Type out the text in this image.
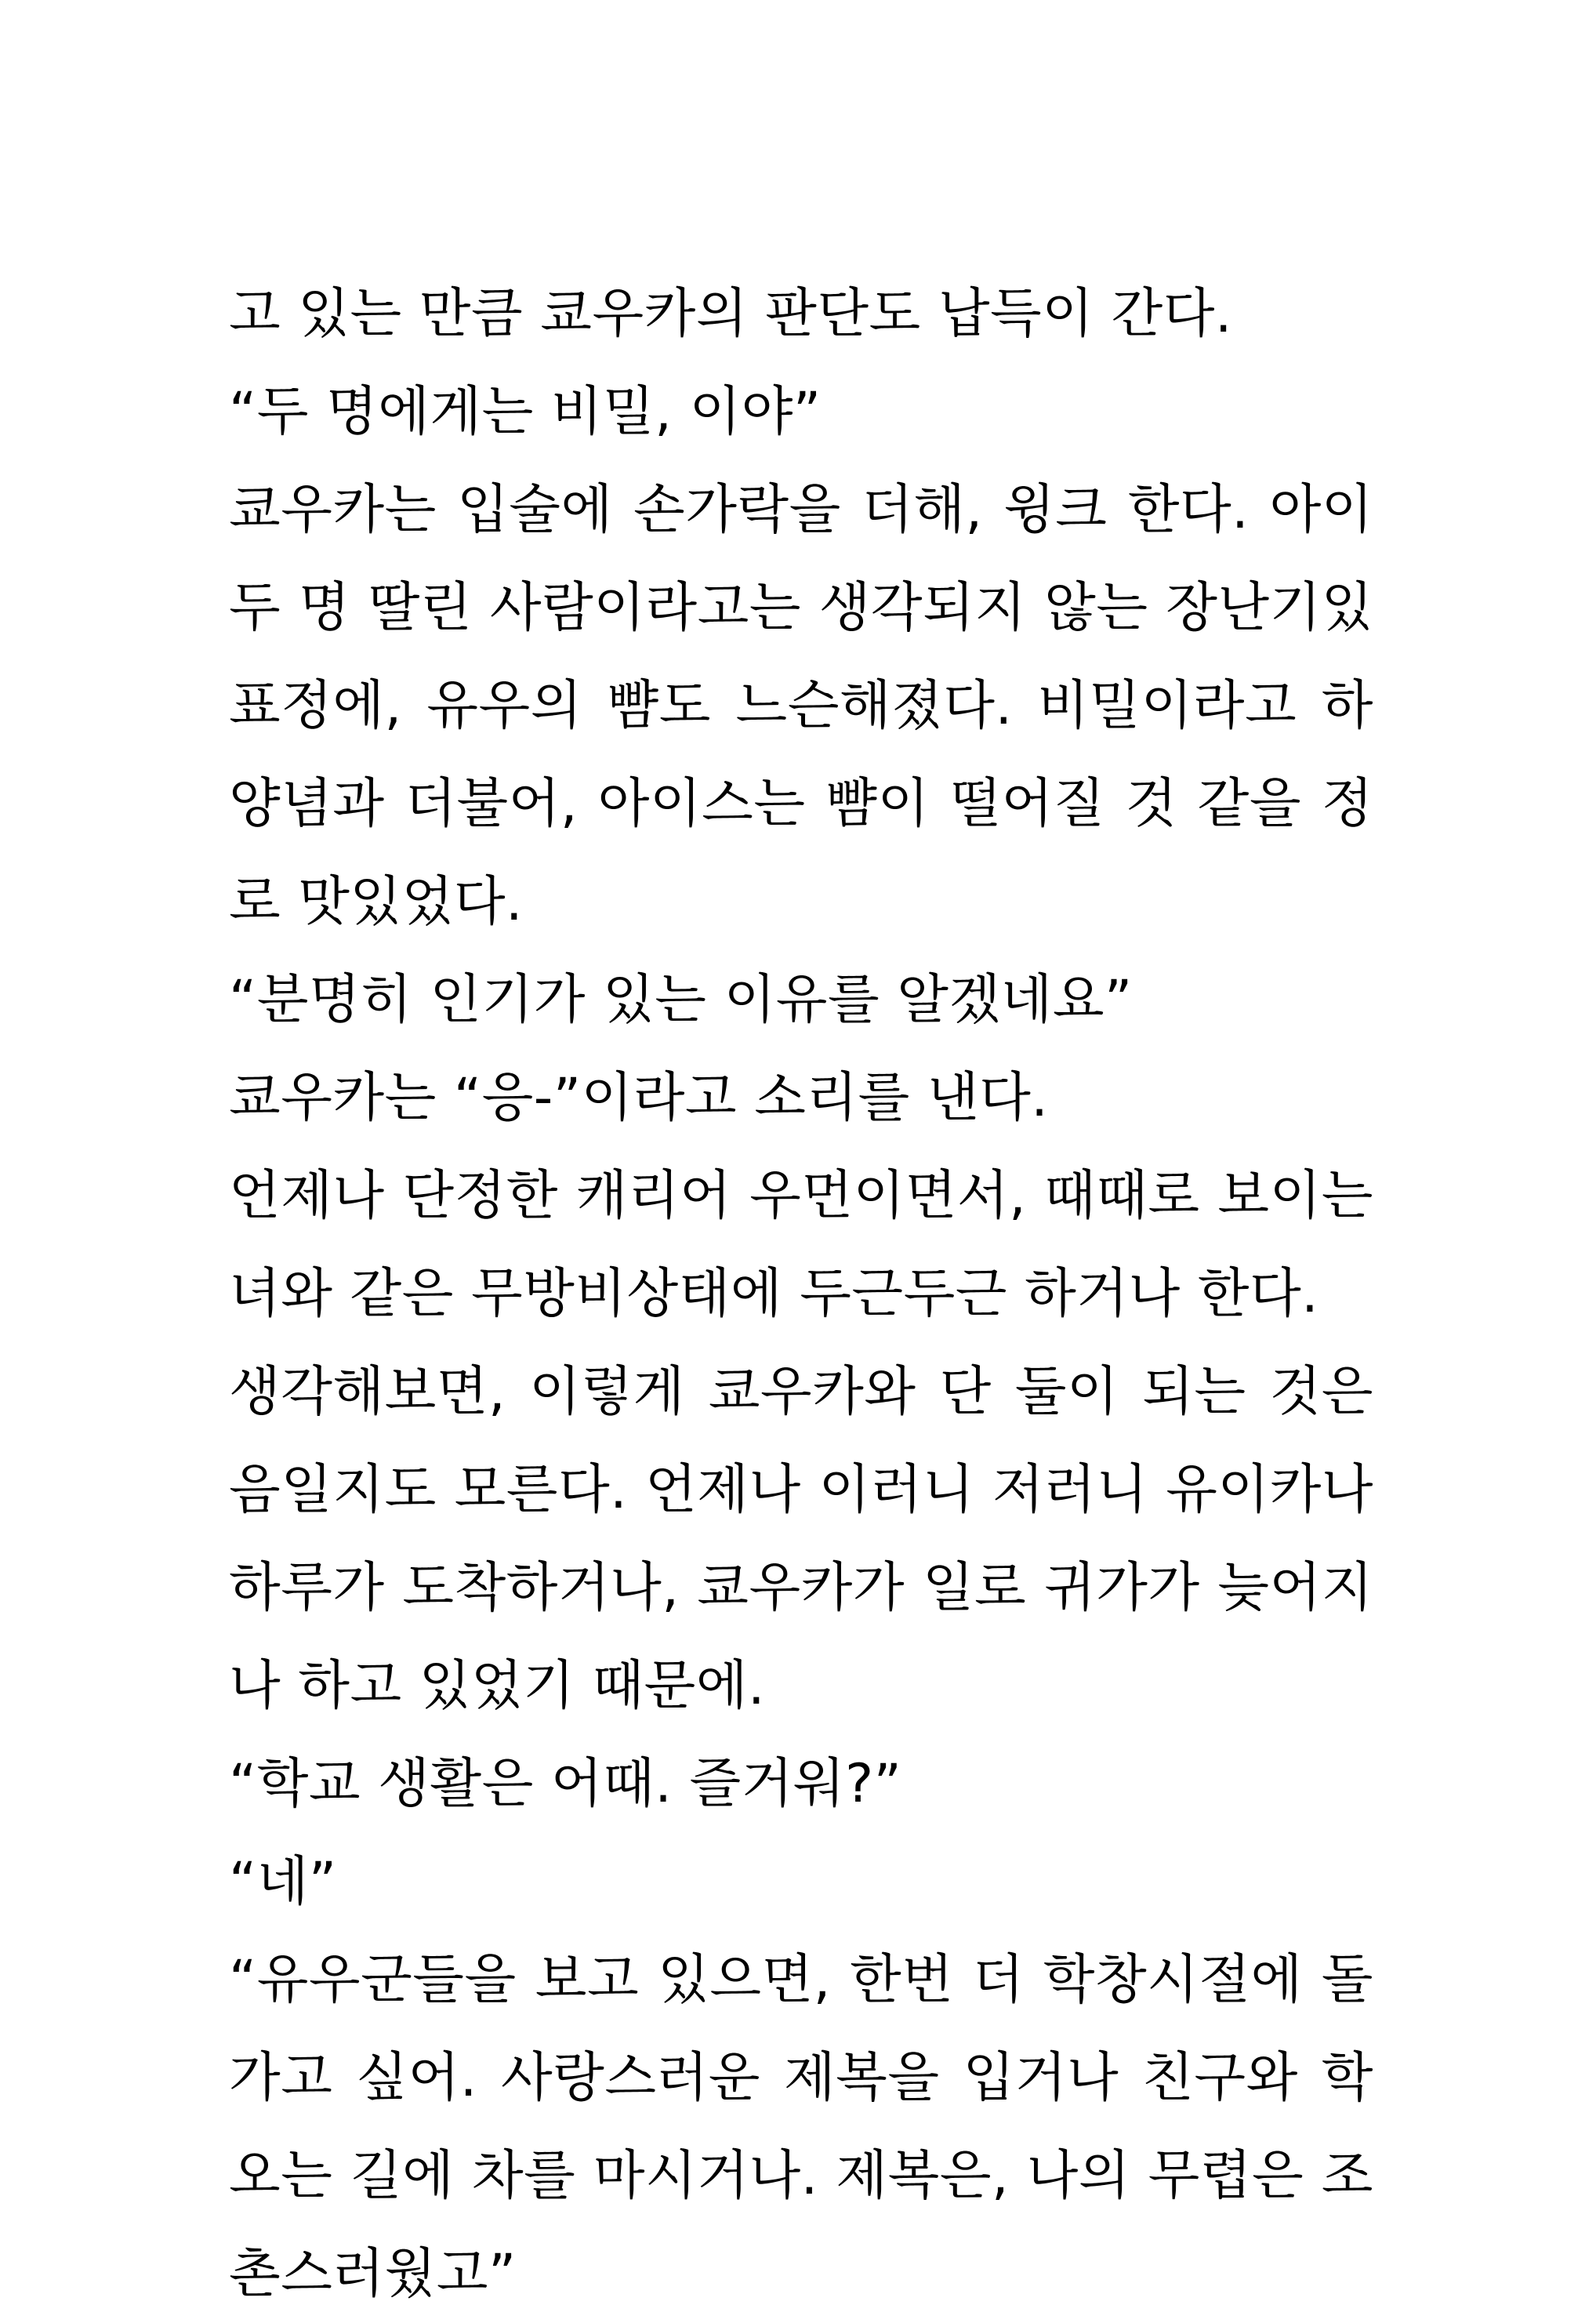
고 있는 만큼 쿄우카의 판단도 납득이 간다.
“두 명에게는 비밀, 이야”
쿄우카는 입술에 손가락을 더해, 윙크 한다. 아이
두 명 딸린 사람이라고는 생각되지 않는 장난기있
표정에, 유우의 뺨도 느슨해졌다. 비밀이라고 하
양념과 더불어, 아이스는 뺨이 떨어질 것 같을 정
로 맛있었다.
“분명히 인기가 있는 이유를 알겠네요”
쿄우카는 “응-”이라고 소리를 낸다.
언제나 단정한 캐리어 우먼이면서, 때때로 보이는
녀와 같은 무방비상태에 두근두근 하거나 한다.
생각해보면, 이렇게 쿄우카와 단 둘이 되는 것은
음일지도 모른다. 언제나 이러니 저러니 유이카나
하루가 도착하거나, 쿄우카가 일로 귀가가 늦어지
나 하고 있었기 때문에.
“학교 생활은 어때. 즐거워?”
“네”
“유우군들을 보고 있으면, 한번 더 학창시절에 돌
가고 싶어. 사랑스러운 제복을 입거나 친구와 학
오는 길에 차를 마시거나. 제복은, 나의 무렵은 조
촌스러웠고”
